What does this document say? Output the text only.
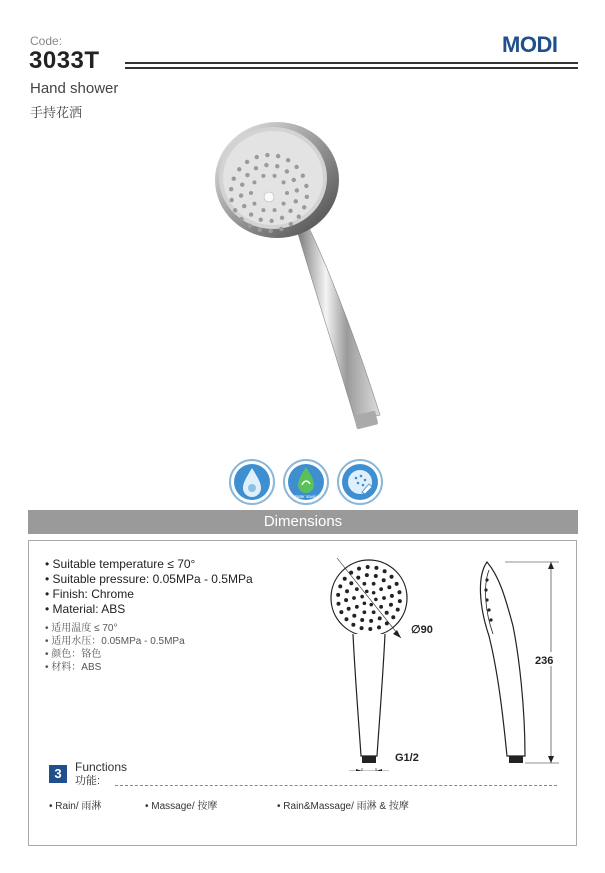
Code:
3033T
MODI
Hand shower
手持花洒
Water saving
Dimensions
• Suitable temperature ≤ 70°
• Suitable pressure: 0.05MPa - 0.5MPa
• Finish: Chrome
• Material: ABS
• 适用温度 ≤ 70°
• 适用水压：0.05MPa - 0.5MPa
• 颜色：铬色
• 材料：ABS
∅90
G1/2
236
3	Functions
功能:
• Rain/ 雨淋	• Massage/ 按摩	• Rain&Massage/ 雨淋 & 按摩
